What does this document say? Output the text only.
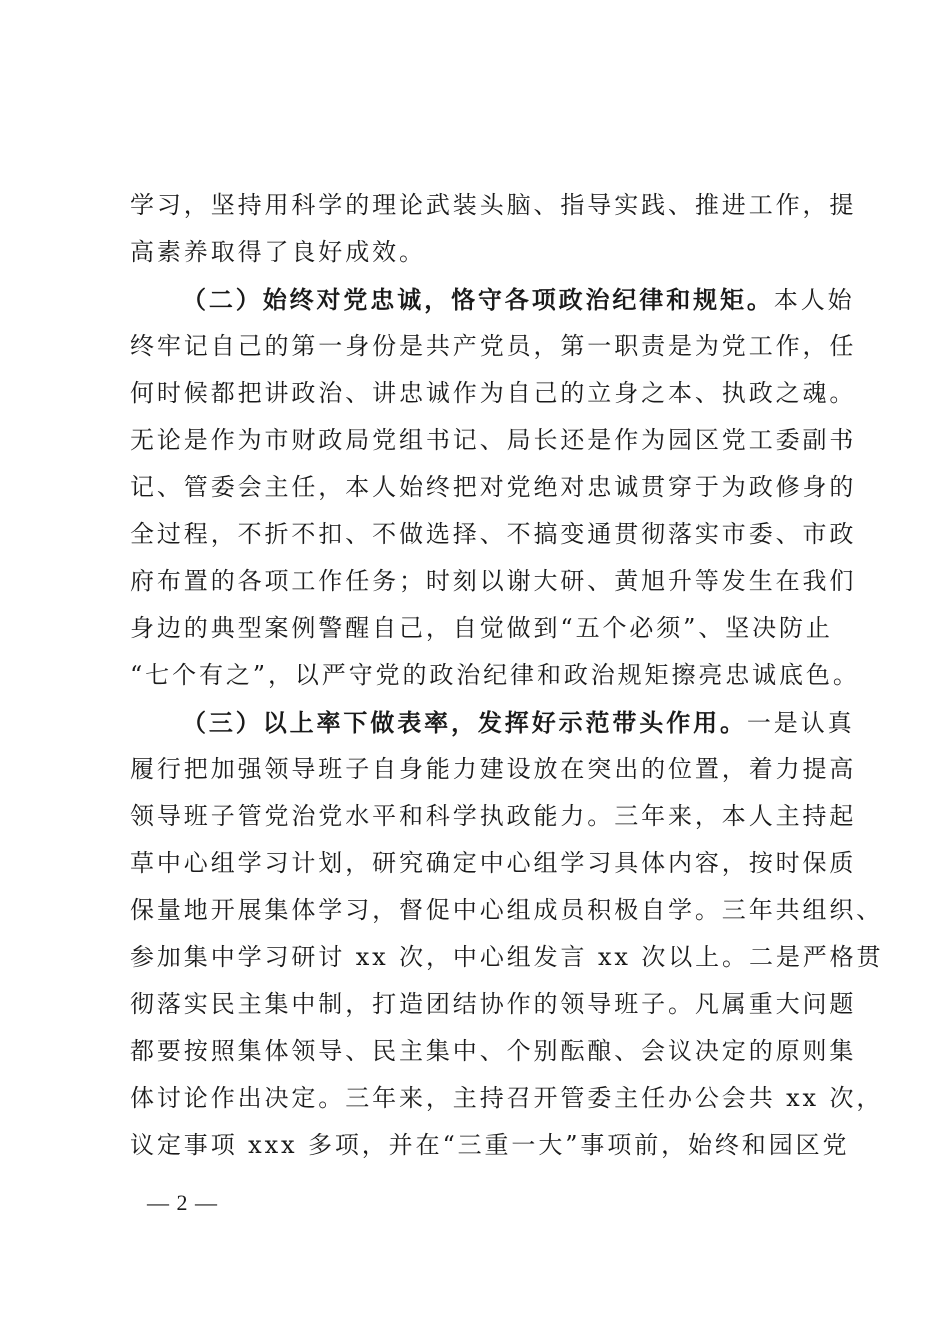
学习，坚持用科学的理论武装头脑、指导实践、推进工作，提
高素养取得了良好成效。
（二）始终对党忠诚，恪守各项政治纪律和规矩。本人始
终牢记自己的第一身份是共产党员，第一职责是为党工作，任
何时候都把讲政治、讲忠诚作为自己的立身之本、执政之魂。
无论是作为市财政局党组书记、局长还是作为园区党工委副书
记、管委会主任，本人始终把对党绝对忠诚贯穿于为政修身的
全过程，不折不扣、不做选择、不搞变通贯彻落实市委、市政
府布置的各项工作任务；时刻以谢大研、黄旭升等发生在我们
身边的典型案例警醒自己，自觉做到“五个必须”、坚决防止
“七个有之”，以严守党的政治纪律和政治规矩擦亮忠诚底色。
（三）以上率下做表率，发挥好示范带头作用。一是认真
履行把加强领导班子自身能力建设放在突出的位置，着力提高
领导班子管党治党水平和科学执政能力。三年来，本人主持起
草中心组学习计划，研究确定中心组学习具体内容，按时保质
保量地开展集体学习，督促中心组成员积极自学。三年共组织、
参加集中学习研讨 xx 次，中心组发言 xx 次以上。二是严格贯
彻落实民主集中制，打造团结协作的领导班子。凡属重大问题
都要按照集体领导、民主集中、个别酝酿、会议决定的原则集
体讨论作出决定。三年来，主持召开管委主任办公会共 xx 次，
议定事项 xxx 多项，并在“三重一大”事项前，始终和园区党
— 2 —
